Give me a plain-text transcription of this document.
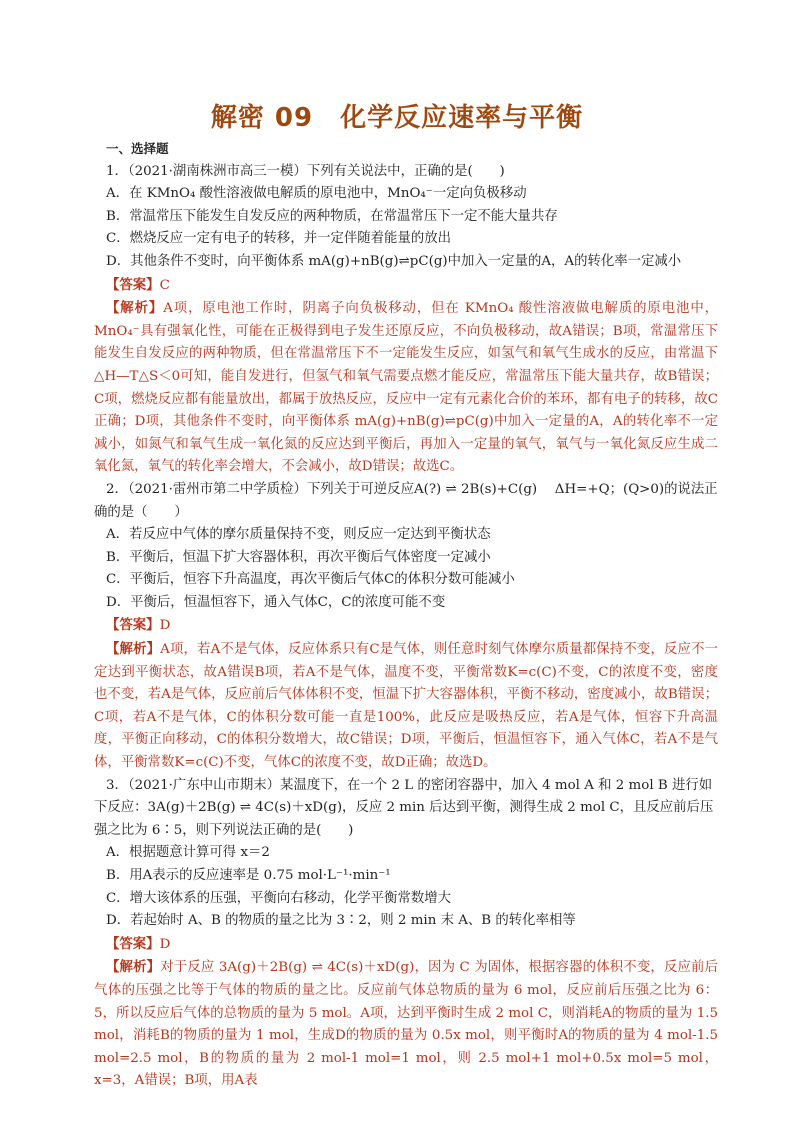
解密 09　化学反应速率与平衡

一、选择题

1．（2021·湖南株洲市高三一模）下列有关说法中，正确的是(　　)

A．在 KMnO₄ 酸性溶液做电解质的原电池中，MnO₄⁻一定向负极移动

B．常温常压下能发生自发反应的两种物质，在常温常压下一定不能大量共存

C．燃烧反应一定有电子的转移，并一定伴随着能量的放出

D．其他条件不变时，向平衡体系 mA(g)+nB(g)⇌pC(g)中加入一定量的A，A的转化率一定减小

【答案】C

【解析】A项，原电池工作时，阴离子向负极移动，但在 KMnO₄ 酸性溶液做电解质的原电池中，MnO₄⁻具有强氧化性，可能在正极得到电子发生还原反应，不向负极移动，故A错误；B项，常温常压下能发生自发反应的两种物质，但在常温常压下不一定能发生反应，如氢气和氧气生成水的反应，由常温下△H—T△S＜0可知，能自发进行，但氢气和氧气需要点燃才能反应，常温常压下能大量共存，故B错误；C项，燃烧反应都有能量放出，都属于放热反应，反应中一定有元素化合价的苯环，都有电子的转移，故C正确；D项，其他条件不变时，向平衡体系 mA(g)+nB(g)⇌pC(g)中加入一定量的A，A的转化率不一定减小，如氮气和氧气生成一氧化氮的反应达到平衡后，再加入一定量的氧气，氧气与一氧化氮反应生成二氧化氮，氧气的转化率会增大，不会减小，故D错误；故选C。

2．（2021·雷州市第二中学质检）下列关于可逆反应A(?) ⇌ 2B(s)+C(g)　 ΔH=+Q；(Q>0)的说法正确的是（　　）

A．若反应中气体的摩尔质量保持不变，则反应一定达到平衡状态

B．平衡后，恒温下扩大容器体积，再次平衡后气体密度一定减小

C．平衡后，恒容下升高温度，再次平衡后气体C的体积分数可能减小

D．平衡后，恒温恒容下，通入气体C，C的浓度可能不变

【答案】D

【解析】A项，若A不是气体，反应体系只有C是气体，则任意时刻气体摩尔质量都保持不变，反应不一定达到平衡状态，故A错误B项，若A不是气体，温度不变，平衡常数K=c(C)不变，C的浓度不变，密度也不变，若A是气体，反应前后气体体积不变，恒温下扩大容器体积，平衡不移动，密度减小，故B错误；C项，若A不是气体，C的体积分数可能一直是100%，此反应是吸热反应，若A是气体，恒容下升高温度，平衡正向移动，C的体积分数增大，故C错误；D项，平衡后，恒温恒容下，通入气体C，若A不是气体，平衡常数K=c(C)不变，气体C的浓度不变，故D正确；故选D。

3．（2021·广东中山市期末）某温度下，在一个 2 L 的密闭容器中，加入 4 mol A 和 2 mol B 进行如下反应：3A(g)＋2B(g) ⇌ 4C(s)＋xD(g)，反应 2 min 后达到平衡，测得生成 2 mol C，且反应前后压强之比为 6∶5，则下列说法正确的是(　　)

A．根据题意计算可得 x＝2

B．用A表示的反应速率是 0.75 mol·L⁻¹·min⁻¹

C．增大该体系的压强，平衡向右移动，化学平衡常数增大

D．若起始时 A、B 的物质的量之比为 3∶2，则 2 min 末 A、B 的转化率相等

【答案】D

【解析】对于反应 3A(g)＋2B(g) ⇌ 4C(s)＋xD(g)，因为 C 为固体，根据容器的体积不变，反应前后气体的压强之比等于气体的物质的量之比。反应前气体总物质的量为 6 mol，反应前后压强之比为 6：5，所以反应后气体的总物质的量为 5 mol。A项，达到平衡时生成 2 mol C，则消耗A的物质的量为 1.5 mol，消耗B的物质的量为 1 mol，生成D的物质的量为 0.5x mol，则平衡时A的物质的量为 4 mol-1.5 mol=2.5 mol，B的物质的量为 2 mol-1 mol=1 mol，则 2.5 mol+1 mol+0.5x mol=5 mol，x=3，A错误；B项，用A表
